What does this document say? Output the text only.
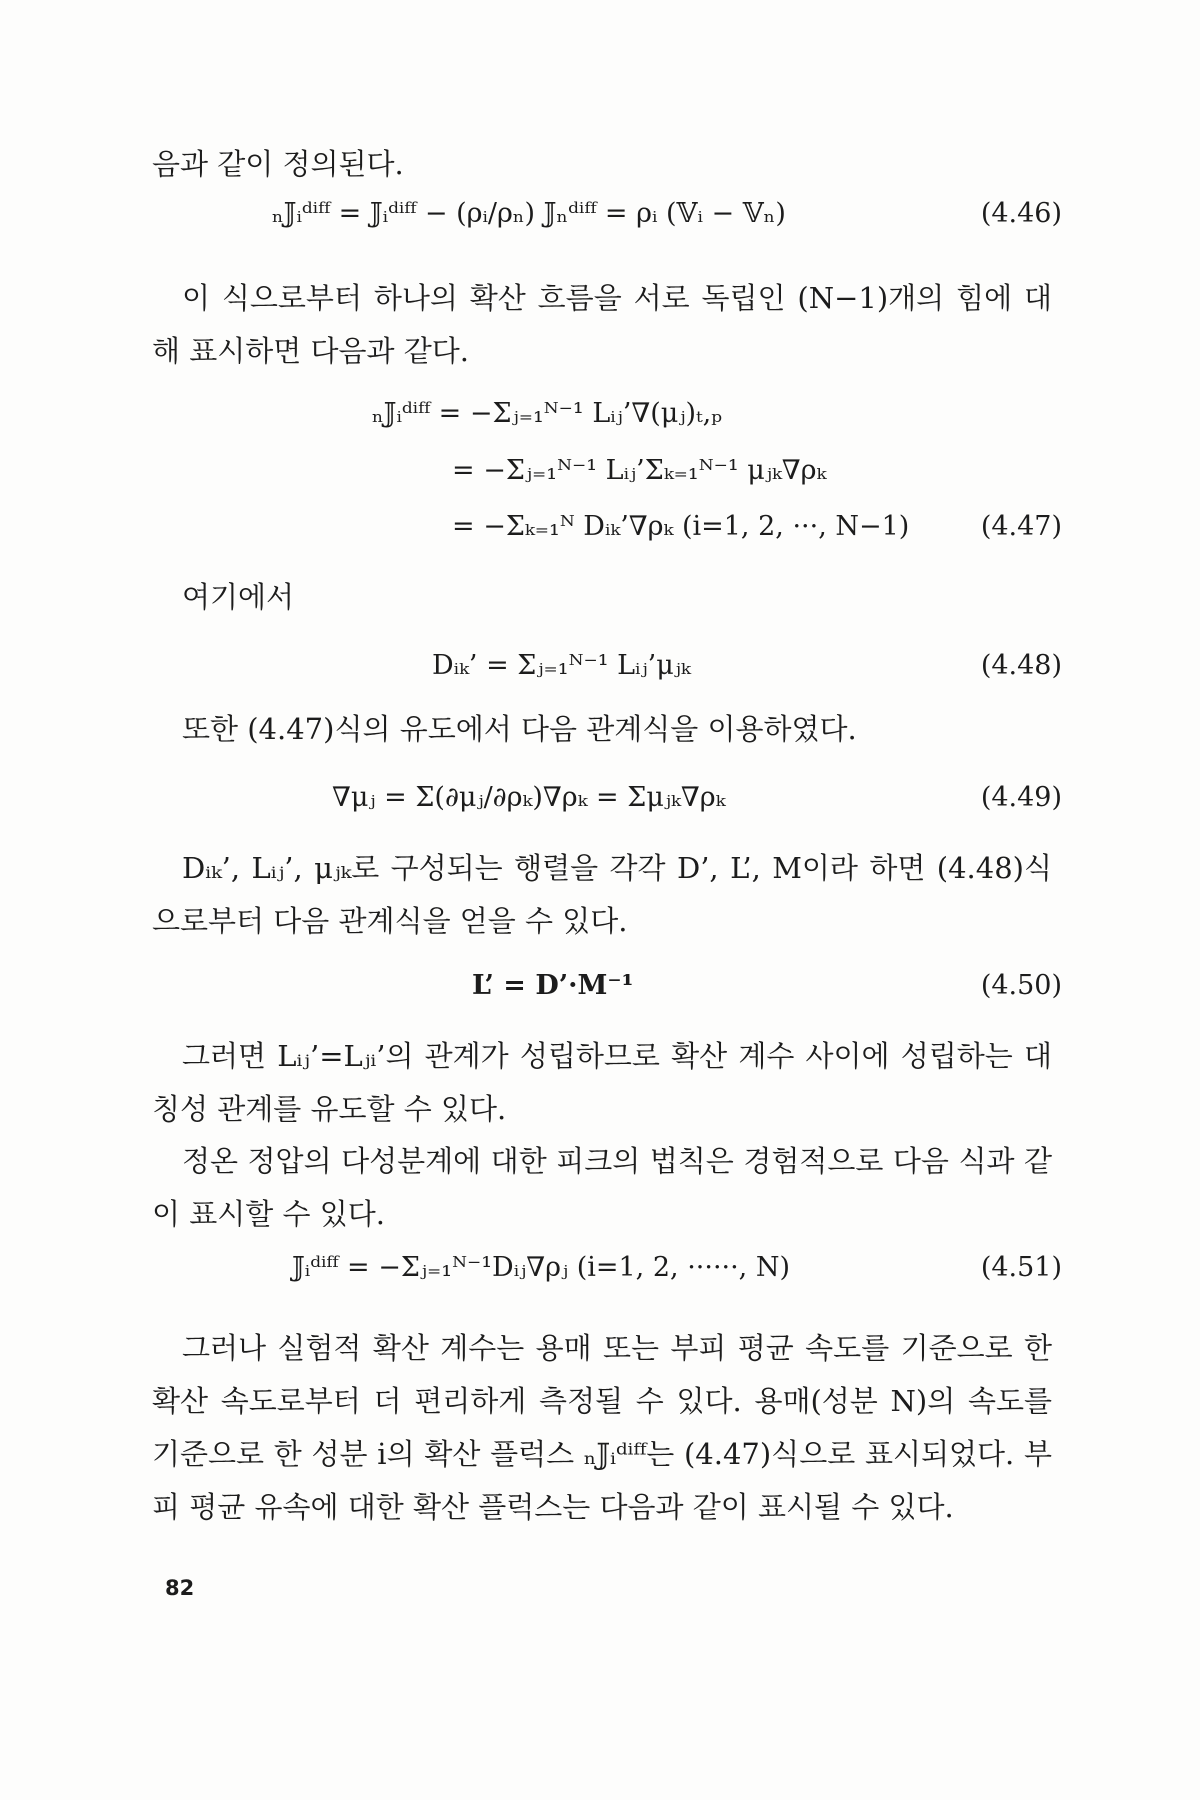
음과 같이 정의된다.
ₙ𝕁ᵢᵈⁱᶠᶠ = 𝕁ᵢᵈⁱᶠᶠ − (ρᵢ/ρₙ) 𝕁ₙᵈⁱᶠᶠ = ρᵢ (𝕍ᵢ − 𝕍ₙ)	(4.46)
이 식으로부터 하나의 확산 흐름을 서로 독립인 (N−1)개의 힘에 대해 표시하면 다음과 같다.
ₙ𝕁ᵢᵈⁱᶠᶠ = −Σⱼ₌₁ᴺ⁻¹ Lᵢⱼ’∇(μⱼ)ₜ,ₚ
= −Σⱼ₌₁ᴺ⁻¹ Lᵢⱼ’Σₖ₌₁ᴺ⁻¹ μⱼₖ∇ρₖ
= −Σₖ₌₁ᴺ Dᵢₖ’∇ρₖ (i=1, 2, ···, N−1)	(4.47)
여기에서
Dᵢₖ’ = Σⱼ₌₁ᴺ⁻¹ Lᵢⱼ’μⱼₖ	(4.48)
또한 (4.47)식의 유도에서 다음 관계식을 이용하였다.
∇μⱼ = Σ(∂μⱼ/∂ρₖ)∇ρₖ = Σμⱼₖ∇ρₖ	(4.49)
Dᵢₖ’, Lᵢⱼ’, μⱼₖ로 구성되는 행렬을 각각 D’, L’, M이라 하면 (4.48)식으로부터 다음 관계식을 얻을 수 있다.
L’ = D’·M⁻¹	(4.50)
그러면 Lᵢⱼ’=Lⱼᵢ’의 관계가 성립하므로 확산 계수 사이에 성립하는 대칭성 관계를 유도할 수 있다.
정온 정압의 다성분계에 대한 피크의 법칙은 경험적으로 다음 식과 같이 표시할 수 있다.
𝕁ᵢᵈⁱᶠᶠ = −Σⱼ₌₁ᴺ⁻¹Dᵢⱼ∇ρⱼ (i=1, 2, ······, N)	(4.51)
그러나 실험적 확산 계수는 용매 또는 부피 평균 속도를 기준으로 한 확산 속도로부터 더 편리하게 측정될 수 있다. 용매(성분 N)의 속도를 기준으로 한 성분 i의 확산 플럭스 ₙ𝕁ᵢᵈⁱᶠᶠ는 (4.47)식으로 표시되었다. 부피 평균 유속에 대한 확산 플럭스는 다음과 같이 표시될 수 있다.
82
